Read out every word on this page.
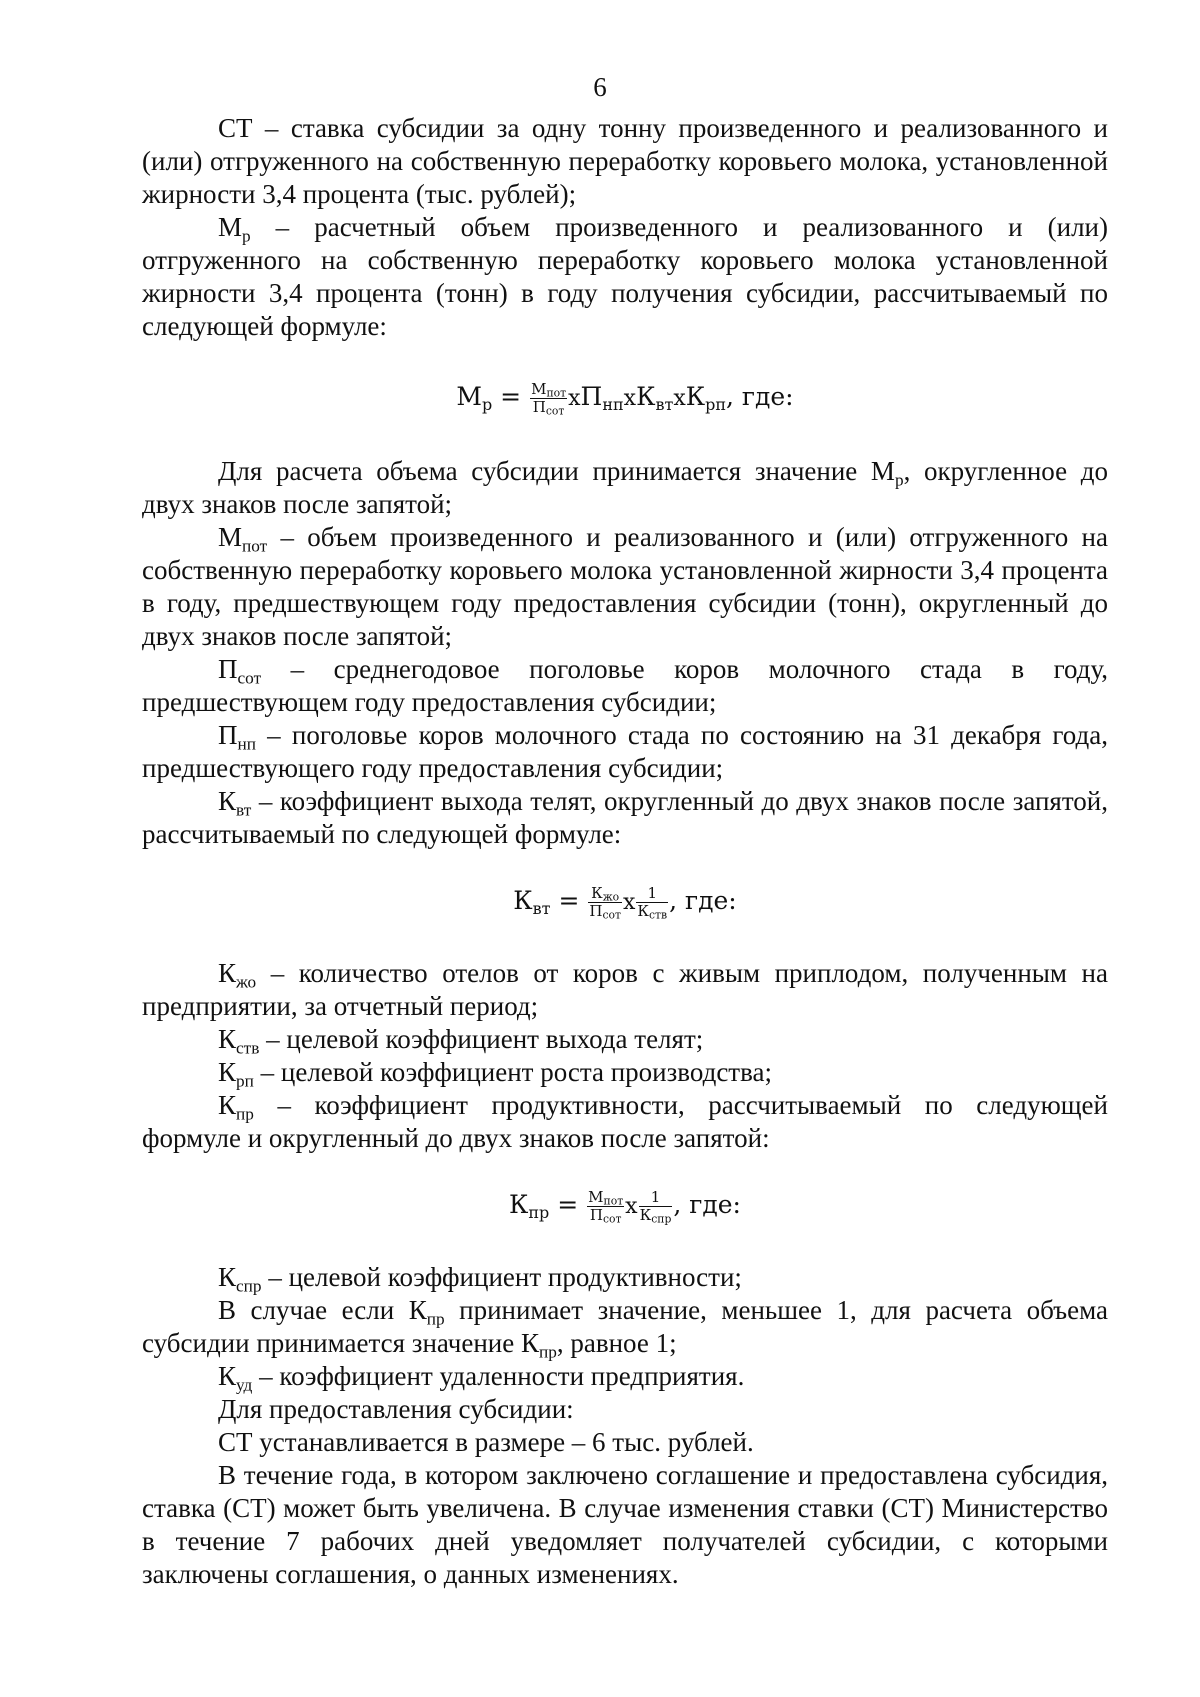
6

СТ – ставка субсидии за одну тонну произведенного и реализованного и (или) отгруженного на собственную переработку коровьего молока, установленной жирности 3,4 процента (тыс. рублей);

$М_р$ – расчетный объем произведенного и реализованного и (или) отгруженного на собственную переработку коровьего молока установленной жирности 3,4 процента (тонн) в году получения субсидии, рассчитываемый по следующей формуле:

$М_р = \frac{М_{пот}}{П_{сот}} хП_{нп}хК_{вт}хК_{рп}$, где:

Для расчета объема субсидии принимается значение $М_р$, округленное до двух знаков после запятой;

$М_{пот}$ – объем произведенного и реализованного и (или) отгруженного на собственную переработку коровьего молока установленной жирности 3,4 процента в году, предшествующем году предоставления субсидии (тонн), округленный до двух знаков после запятой;

$П_{сот}$ – среднегодовое поголовье коров молочного стада в году, предшествующем году предоставления субсидии;

$П_{нп}$ – поголовье коров молочного стада по состоянию на 31 декабря года, предшествующего году предоставления субсидии;

$К_{вт}$ – коэффициент выхода телят, округленный до двух знаков после запятой, рассчитываемый по следующей формуле:

$К_{вт} = \frac{К_{жо}}{П_{сот}}$ х $\frac{1}{К_{ств}}$ , где:

$К_{жо}$ – количество отелов от коров с живым приплодом, полученным на предприятии, за отчетный период;

$К_{ств}$ – целевой коэффициент выхода телят;

$К_{рп}$ – целевой коэффициент роста производства;

$К_{пр}$ – коэффициент продуктивности, рассчитываемый по следующей формуле и округленный до двух знаков после запятой:

$К_{пр} = \frac{М_{пот}}{П_{сот}}$ х $\frac{1}{К_{спр}}$ , где:

$К_{спр}$ – целевой коэффициент продуктивности;

В случае если $К_{пр}$ принимает значение, меньшее 1, для расчета объема субсидии принимается значение $К_{пр}$, равное 1;

$К_{уд}$ – коэффициент удаленности предприятия.

Для предоставления субсидии:

СТ устанавливается в размере – 6 тыс. рублей.

В течение года, в котором заключено соглашение и предоставлена субсидия, ставка (СТ) может быть увеличена. В случае изменения ставки (СТ) Министерство в течение 7 рабочих дней уведомляет получателей субсидии, с которыми заключены соглашения, о данных изменениях.
